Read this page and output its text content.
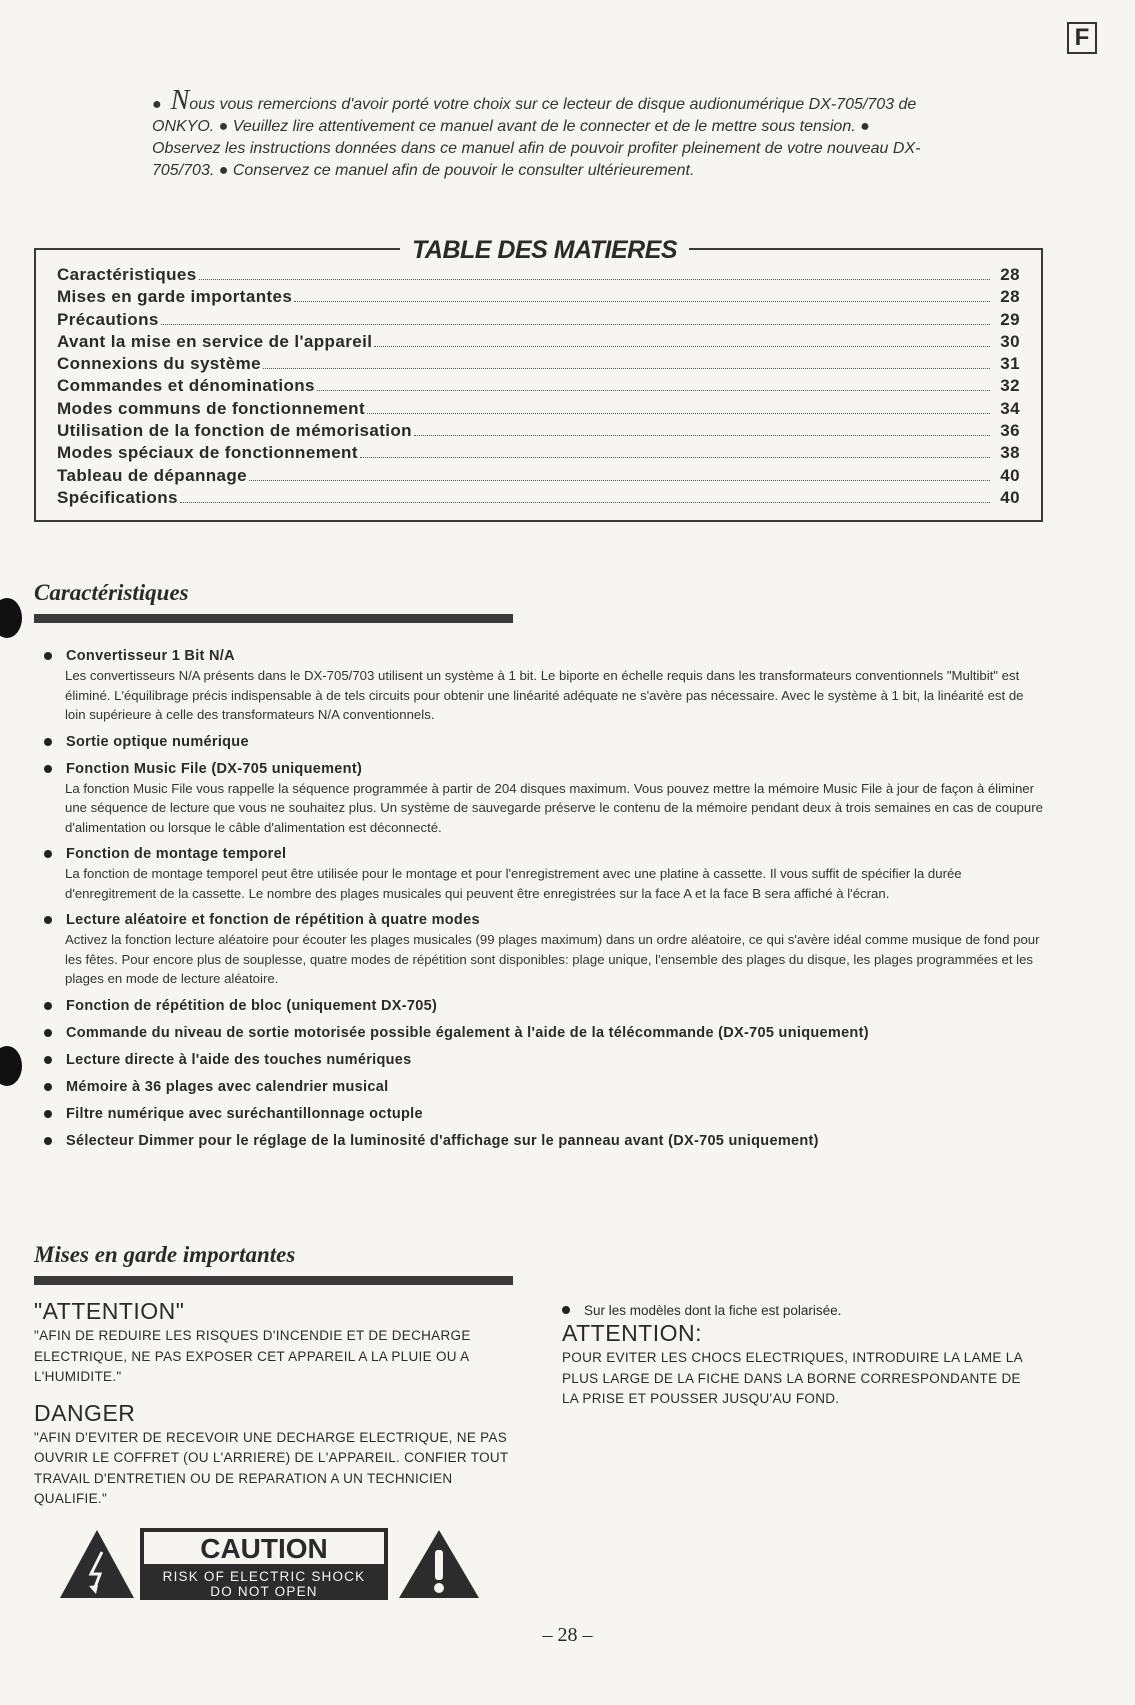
F
●  Nous vous remercions d'avoir porté votre choix sur ce lecteur de disque audionumérique DX-705/703 de ONKYO. ● Veuillez lire attentivement ce manuel avant de le connecter et de le mettre sous tension. ● Observez les instructions données dans ce manuel afin de pouvoir profiter pleinement de votre nouveau DX-705/703. ● Conservez ce manuel afin de pouvoir le consulter ultérieurement.
TABLE DES MATIERES
Caractéristiques	28
Mises en garde importantes	28
Précautions	29
Avant la mise en service de l'appareil	30
Connexions du système	31
Commandes et dénominations	32
Modes communs de fonctionnement	34
Utilisation de la fonction de mémorisation	36
Modes spéciaux de fonctionnement	38
Tableau de dépannage	40
Spécifications	40
Caractéristiques
Convertisseur 1 Bit N/A
Les convertisseurs N/A présents dans le DX-705/703 utilisent un système à 1 bit. Le biporte en échelle requis dans les transformateurs conventionnels "Multibit" est éliminé. L'équilibrage précis indispensable à de tels circuits pour obtenir une linéarité adéquate ne s'avère pas nécessaire. Avec le système à 1 bit, la linéarité est de loin supérieure à celle des transformateurs N/A conventionnels.
Sortie optique numérique
Fonction Music File (DX-705 uniquement)
La fonction Music File vous rappelle la séquence programmée à partir de 204 disques maximum. Vous pouvez mettre la mémoire Music File à jour de façon à éliminer une séquence de lecture que vous ne souhaitez plus. Un système de sauvegarde préserve le contenu de la mémoire pendant deux à trois semaines en cas de coupure d'alimentation ou lorsque le câble d'alimentation est déconnecté.
Fonction de montage temporel
La fonction de montage temporel peut être utilisée pour le montage et pour l'enregistrement avec une platine à cassette. Il vous suffit de spécifier la durée d'enregitrement de la cassette. Le nombre des plages musicales qui peuvent être enregistrées sur la face A et la face B sera affiché à l'écran.
Lecture aléatoire et fonction de répétition à quatre modes
Activez la fonction lecture aléatoire pour écouter les plages musicales (99 plages maximum) dans un ordre aléatoire, ce qui s'avère idéal comme musique de fond pour les fêtes. Pour encore plus de souplesse, quatre modes de répétition sont disponibles: plage unique, l'ensemble des plages du disque, les plages programmées et les plages en mode de lecture aléatoire.
Fonction de répétition de bloc (uniquement DX-705)
Commande du niveau de sortie motorisée possible également à l'aide de la télécommande (DX-705 uniquement)
Lecture directe à l'aide des touches numériques
Mémoire à 36 plages avec calendrier musical
Filtre numérique avec suréchantillonnage octuple
Sélecteur Dimmer pour le réglage de la luminosité d'affichage sur le panneau avant (DX-705 uniquement)
Mises en garde importantes
"ATTENTION"
"AFIN DE REDUIRE LES RISQUES D'INCENDIE ET DE DECHARGE ELECTRIQUE, NE PAS EXPOSER CET APPAREIL A LA PLUIE OU A L'HUMIDITE."
DANGER
"AFIN D'EVITER DE RECEVOIR UNE DECHARGE ELECTRIQUE, NE PAS OUVRIR LE COFFRET (OU L'ARRIERE) DE L'APPAREIL. CONFIER TOUT TRAVAIL D'ENTRETIEN OU DE REPARATION A UN TECHNICIEN QUALIFIE."
Sur les modèles dont la fiche est polarisée.
ATTENTION:
POUR EVITER LES CHOCS ELECTRIQUES, INTRODUIRE LA LAME LA PLUS LARGE DE LA FICHE DANS LA BORNE CORRESPONDANTE DE LA PRISE ET POUSSER JUSQU'AU FOND.
CAUTION
RISK OF ELECTRIC SHOCK
DO NOT OPEN
– 28 –
